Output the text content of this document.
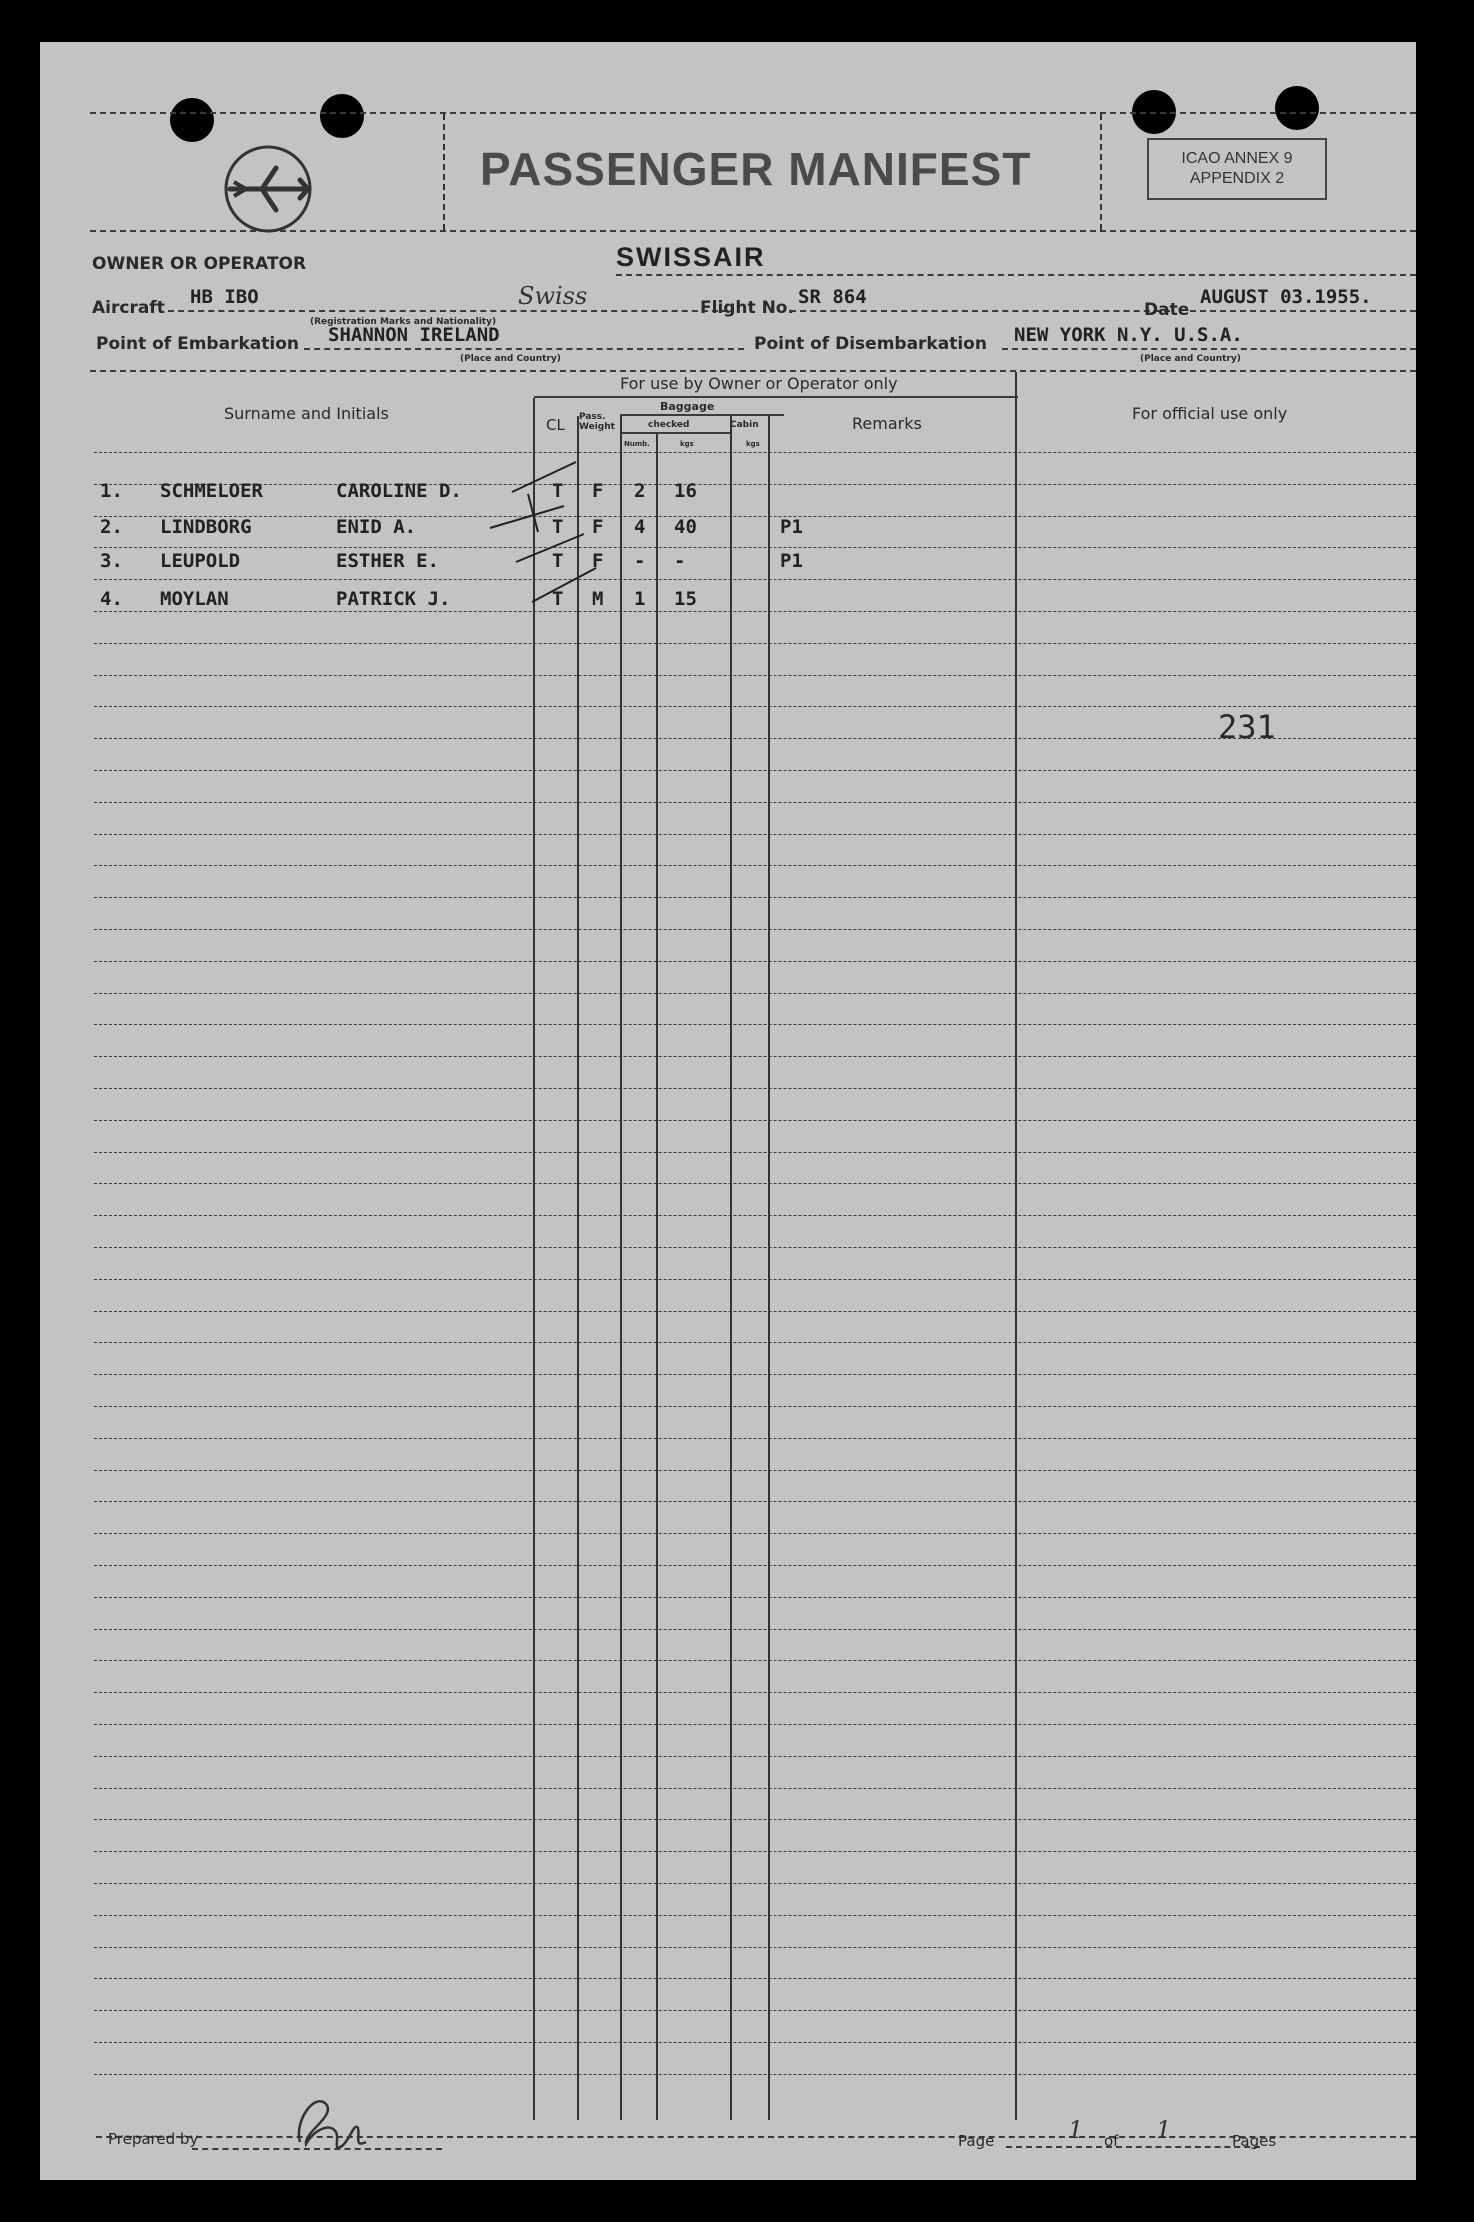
PASSENGER MANIFEST	ICAO ANNEX 9
APPENDIX 2
OWNER OR OPERATOR	SWISSAIR
Aircraft HB IBO	Swiss	Flight No. SR 864
Date
AUGUST 03.1955.
(Registration Marks and Nationality)
Point of Embarkation SHANNON IRELAND
(Place and Country)
Point of Disembarkation NEW YORK N.Y. U.S.A.
(Place and Country)
For use by Owner or Operator only
Surname and Initials	For official use only
CL Pass. Weight
Baggage
checked	Cabin
Numb.	kgs	kgs
Remarks
1. SCHMELOER	CAROLINE D.	T F 2 16
2. LINDBORG	ENID A.	T F 4 40	P1
3. LEUPOLD	ESTHER E.	T F - -	P1
4. MOYLAN	PATRICK J.	T M 1 15
231
Prepared by	Page	1 of 1	Pages
